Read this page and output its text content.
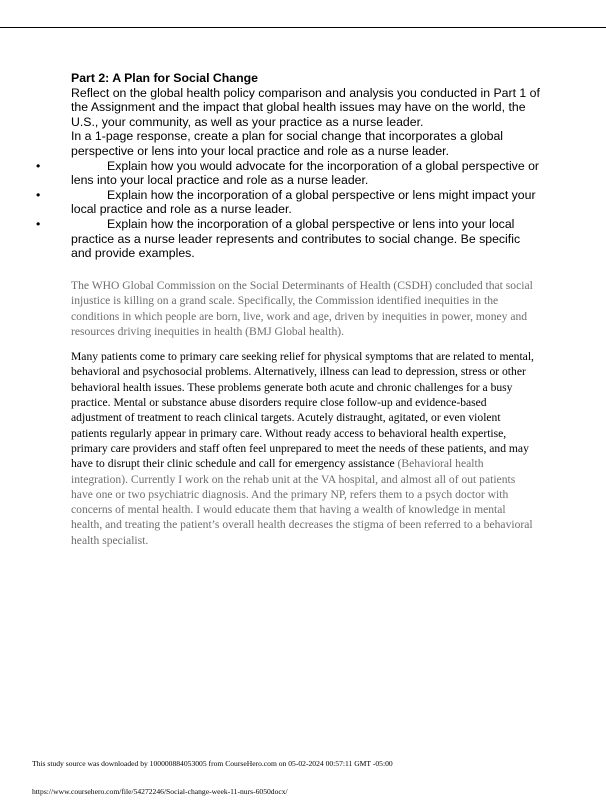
Part 2: A Plan for Social Change

Reflect on the global health policy comparison and analysis you conducted in Part 1 of the Assignment and the impact that global health issues may have on the world, the U.S., your community, as well as your practice as a nurse leader.

In a 1-page response, create a plan for social change that incorporates a global perspective or lens into your local practice and role as a nurse leader.

•	Explain how you would advocate for the incorporation of a global perspective or lens into your local practice and role as a nurse leader.
•	Explain how the incorporation of a global perspective or lens might impact your local practice and role as a nurse leader.
•	Explain how the incorporation of a global perspective or lens into your local practice as a nurse leader represents and contributes to social change. Be specific and provide examples.

The WHO Global Commission on the Social Determinants of Health (CSDH) concluded that social injustice is killing on a grand scale. Specifically, the Commission identified inequities in the conditions in which people are born, live, work and age, driven by inequities in power, money and resources driving inequities in health (BMJ Global health).

Many patients come to primary care seeking relief for physical symptoms that are related to mental, behavioral and psychosocial problems. Alternatively, illness can lead to depression, stress or other behavioral health issues. These problems generate both acute and chronic challenges for a busy practice. Mental or substance abuse disorders require close follow-up and evidence-based adjustment of treatment to reach clinical targets. Acutely distraught, agitated, or even violent patients regularly appear in primary care. Without ready access to behavioral health expertise, primary care providers and staff often feel unprepared to meet the needs of these patients, and may have to disrupt their clinic schedule and call for emergency assistance (Behavioral health integration). Currently I work on the rehab unit at the VA hospital, and almost all of out patients have one or two psychiatric diagnosis. And the primary NP, refers them to a psych doctor with concerns of mental health. I would educate them that having a wealth of knowledge in mental health, and treating the patient’s overall health decreases the stigma of been referred to a behavioral health specialist.

This study source was downloaded by 100000884053005 from CourseHero.com on 05-02-2024 00:57:11 GMT -05:00
https://www.coursehero.com/file/54272246/Social-change-week-11-nurs-6050docx/
